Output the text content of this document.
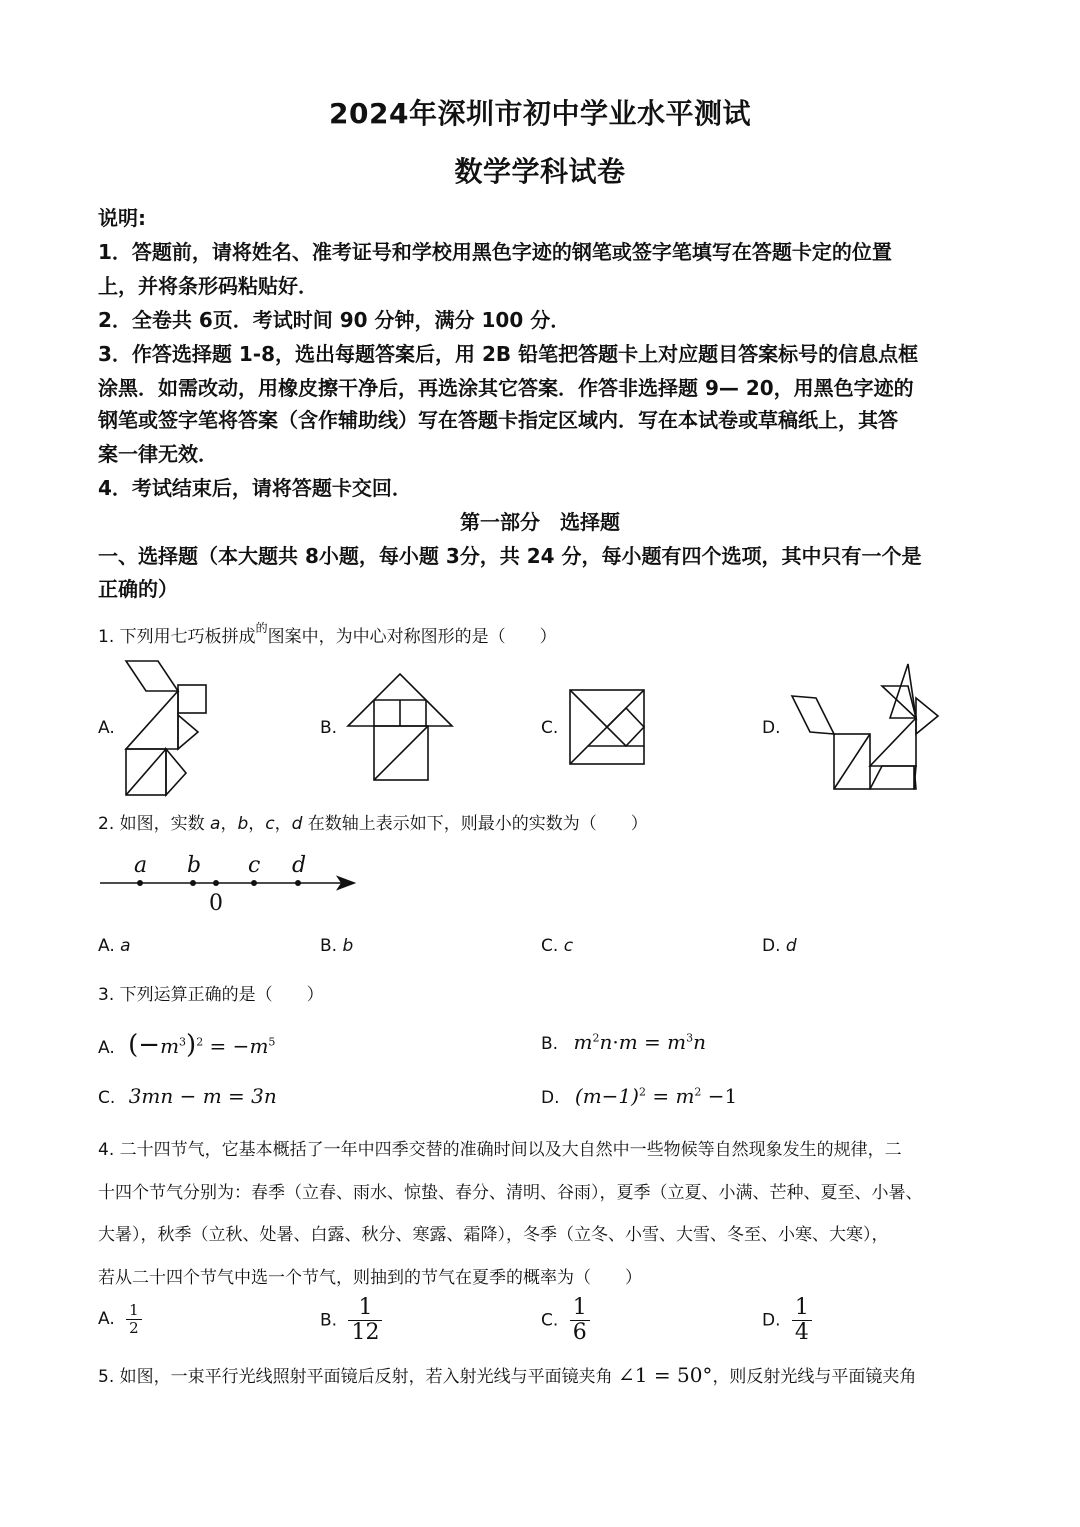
2024年深圳市初中学业水平测试
数学学科试卷
说明:
1．答题前，请将姓名、准考证号和学校用黑色字迹的钢笔或签字笔填写在答题卡定的位置
上，并将条形码粘贴好．
2．全卷共 6页．考试时间 90 分钟，满分 100 分．
3．作答选择题 1-8，选出每题答案后，用 2B 铅笔把答题卡上对应题目答案标号的信息点框
涂黑．如需改动，用橡皮擦干净后，再选涂其它答案．作答非选择题 9— 20，用黑色字迹的
钢笔或签字笔将答案（含作辅助线）写在答题卡指定区域内．写在本试卷或草稿纸上，其答
案一律无效．
4．考试结束后，请将答题卡交回．
第一部分　选择题
一、选择题（本大题共 8小题，每小题 3分，共 24 分，每小题有四个选项，其中只有一个是
正确的）
1. 下列用七巧板拼成$^的$图案中，为中心对称图形的是（　　）
A.	B.	C.	D.
2. 如图，实数 a，b，c，d 在数轴上表示如下，则最小的实数为（　　）
a b c d
0
A. a	B. b	C. c	D. d
3. 下列运算正确的是（　　）
A. $(-m^3)^2 = -m^5$	B. $m^2n\cdot m = m^3n$
C. 3mn − m = 3n	D. $(m-1)^2 = m^2 -1$
4. 二十四节气，它基本概括了一年中四季交替的准确时间以及大自然中一些物候等自然现象发生的规律，二
十四个节气分别为：春季（立春、雨水、惊蛰、春分、清明、谷雨），夏季（立夏、小满、芒种、夏至、小暑、
大暑），秋季（立秋、处暑、白露、秋分、寒露、霜降），冬季（立冬、小雪、大雪、冬至、小寒、大寒），
若从二十四个节气中选一个节气，则抽到的节气在夏季的概率为（　　）
A. $\frac{1}{2}$	B. $\frac{1}{12}$	C. $\frac{1}{6}$	D. $\frac{1}{4}$
5. 如图，一束平行光线照射平面镜后反射，若入射光线与平面镜夹角 ∠1 = 50°，则反射光线与平面镜夹角
